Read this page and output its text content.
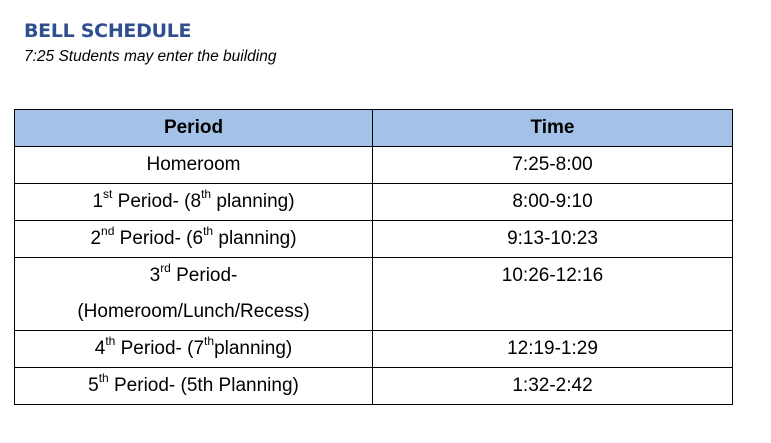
BELL SCHEDULE
7:25 Students may enter the building
Period	Time
Homeroom	7:25-8:00
1st Period- (8th planning)	8:00-9:10
2nd Period- (6th planning)	9:13-10:23
3rd Period-
(Homeroom/Lunch/Recess)	10:26-12:16
4th Period- (7thplanning)	12:19-1:29
5th Period- (5th Planning)	1:32-2:42
